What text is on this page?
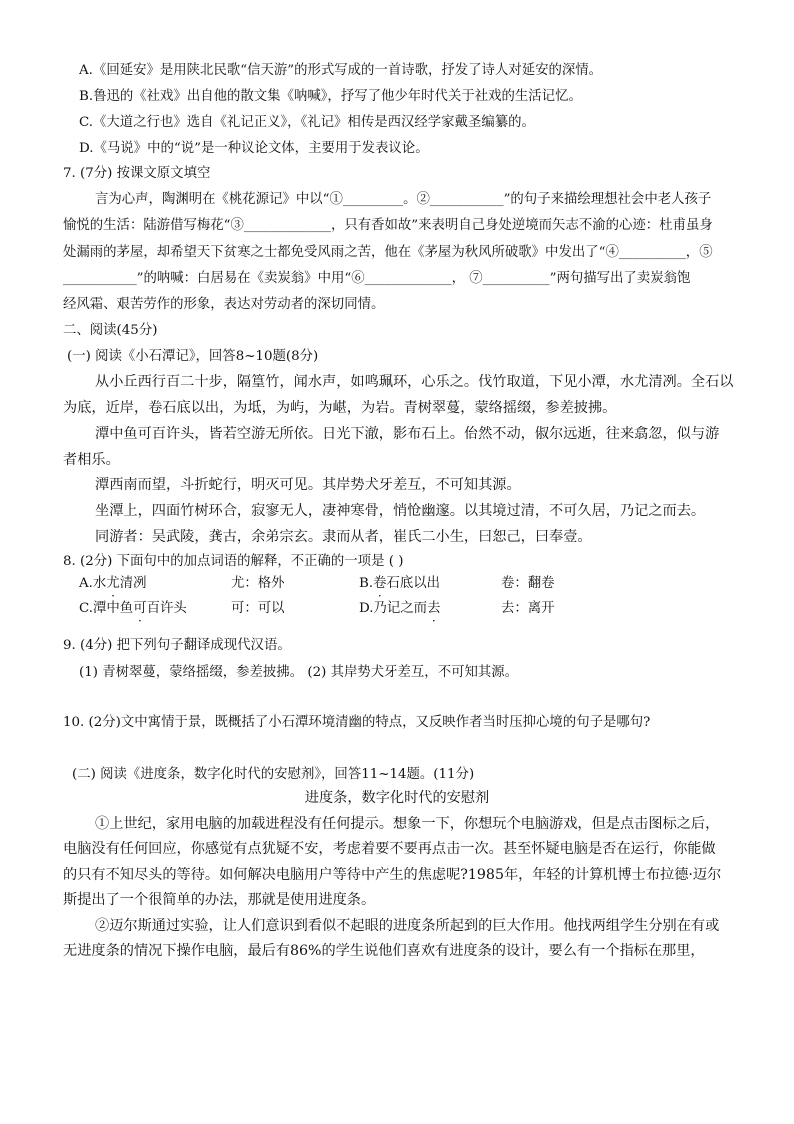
A.《回延安》是用陕北民歌“信天游”的形式写成的一首诗歌，抒发了诗人对延安的深情。
B.鲁迅的《社戏》出自他的散文集《呐喊》，抒写了他少年时代关于社戏的生活记忆。
C.《大道之行也》选自《礼记正义》，《礼记》相传是西汉经学家戴圣编纂的。
D.《马说》中的“说”是一种议论文体，主要用于发表议论。
7. (7分) 按课文原文填空
言为心声，陶渊明在《桃花源记》中以“①_________。②___________”的句子来描绘理想社会中老人孩子
愉悦的生活：陆游借写梅花“③_____________，只有香如故”来表明自己身处逆境而矢志不渝的心迹：杜甫虽身
处漏雨的茅屋，却希望天下贫寒之士都免受风雨之苦，他在《茅屋为秋风所破歌》中发出了“④__________，⑤
___________”的呐喊：白居易在《卖炭翁》中用“⑥_____________， ⑦__________”两句描写出了卖炭翁饱
经风霜、艰苦劳作的形象，表达对劳动者的深切同情。
二、阅读(45分)
(一) 阅读《小石潭记》，回答8~10题(8分)
从小丘西行百二十步，隔篁竹，闻水声，如鸣珮环，心乐之。伐竹取道，下见小潭，水尤清冽。全石以
为底，近岸，卷石底以出，为坻，为屿，为嵁，为岩。青树翠蔓，蒙络摇缀，参差披拂。
潭中鱼可百许头，皆若空游无所依。日光下澈，影布石上。佁然不动，俶尔远逝，往来翕忽，似与游
者相乐。
潭西南而望，斗折蛇行，明灭可见。其岸势犬牙差互，不可知其源。
坐潭上，四面竹树环合，寂寥无人，凄神寒骨，悄怆幽邃。以其境过清，不可久居，乃记之而去。
同游者：吴武陵，龚古，余弟宗玄。隶而从者，崔氏二小生，曰恕己，曰奉壹。
8. (2分) 下面句中的加点词语的解释，不正确的一项是 ( )
A.水尤清冽	尤：格外	B.卷石底以出	卷：翻卷
C.潭中鱼可百许头	可：可以	D.乃记之而去	去：离开
9. (4分) 把下列句子翻译成现代汉语。
(1) 青树翠蔓，蒙络摇缀，参差披拂。 (2) 其岸势犬牙差互，不可知其源。
10. (2分)文中寓情于景，既概括了小石潭环境清幽的特点，又反映作者当时压抑心境的句子是哪句?
(二) 阅读《进度条，数字化时代的安慰剂》，回答11~14题。(11分)
进度条，数字化时代的安慰剂
①上世纪，家用电脑的加载进程没有任何提示。想象一下，你想玩个电脑游戏，但是点击图标之后，
电脑没有任何回应，你感觉有点犹疑不安，考虑着要不要再点击一次。甚至怀疑电脑是否在运行，你能做
的只有不知尽头的等待。如何解决电脑用户等待中产生的焦虑呢?1985年，年轻的计算机博士布拉德·迈尔
斯提出了一个很简单的办法，那就是使用进度条。
②迈尔斯通过实验，让人们意识到看似不起眼的进度条所起到的巨大作用。他找两组学生分别在有或
无进度条的情况下操作电脑，最后有86%的学生说他们喜欢有进度条的设计，要么有一个指标在那里，
